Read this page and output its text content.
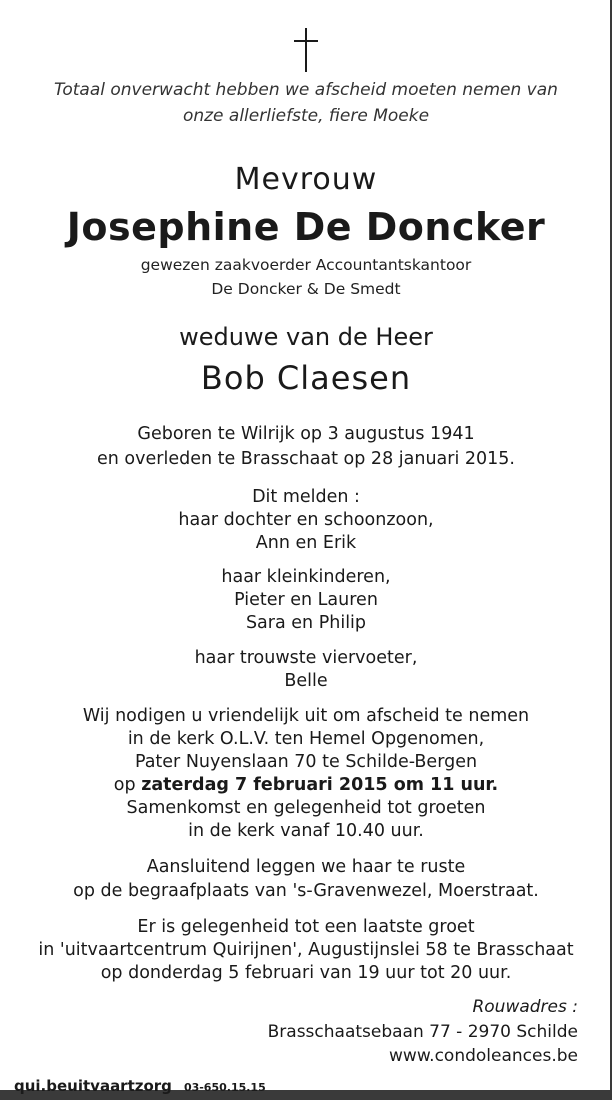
Totaal onverwacht hebben we afscheid moeten nemen van
onze allerliefste, fiere Moeke
Mevrouw
Josephine De Doncker
gewezen zaakvoerder Accountantskantoor
De Doncker & De Smedt
weduwe van de Heer
Bob Claesen
Geboren te Wilrijk op 3 augustus 1941
en overleden te Brasschaat op 28 januari 2015.
Dit melden :
haar dochter en schoonzoon,
Ann en Erik
haar kleinkinderen,
Pieter en Lauren
Sara en Philip
haar trouwste viervoeter,
Belle
Wij nodigen u vriendelijk uit om afscheid te nemen
in de kerk O.L.V. ten Hemel Opgenomen,
Pater Nuyenslaan 70 te Schilde-Bergen
op zaterdag 7 februari 2015 om 11 uur.
Samenkomst en gelegenheid tot groeten
in de kerk vanaf 10.40 uur.
Aansluitend leggen we haar te ruste
op de begraafplaats van 's-Gravenwezel, Moerstraat.
Er is gelegenheid tot een laatste groet
in 'uitvaartcentrum Quirijnen', Augustijnslei 58 te Brasschaat
op donderdag 5 februari van 19 uur tot 20 uur.
Rouwadres :
Brasschaatsebaan 77 - 2970 Schilde
www.condoleances.be
qui.beuitvaartzorg 03-650.15.15
